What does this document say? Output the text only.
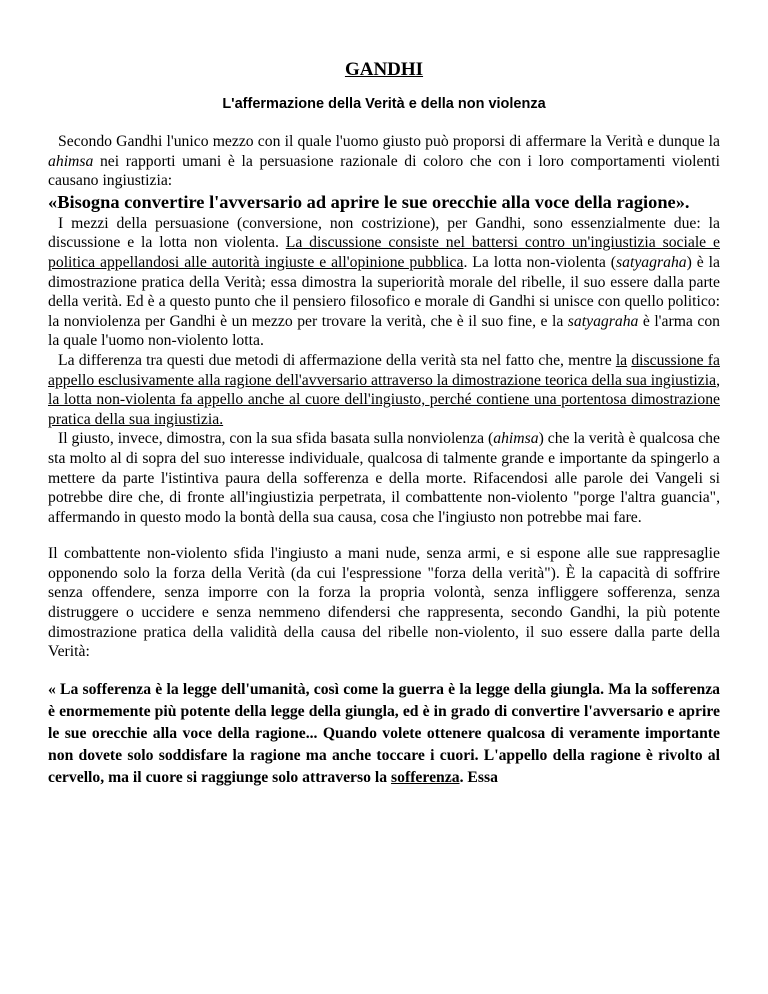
GANDHI
L'affermazione della Verità e della non violenza

Secondo Gandhi l'unico mezzo con il quale l'uomo giusto può proporsi di affermare la Verità e dunque la ahimsa nei rapporti umani è la persuasione razionale di coloro che con i loro comportamenti violenti causano ingiustizia:

«Bisogna convertire l'avversario ad aprire le sue orecchie alla voce della ragione».

I mezzi della persuasione (conversione, non costrizione), per Gandhi, sono essenzialmente due: la discussione e la lotta non violenta. La discussione consiste nel battersi contro un'ingiustizia sociale e politica appellandosi alle autorità ingiuste e all'opinione pubblica. La lotta non-violenta (satyagraha) è la dimostrazione pratica della Verità; essa dimostra la superiorità morale del ribelle, il suo essere dalla parte della verità. Ed è a questo punto che il pensiero filosofico e morale di Gandhi si unisce con quello politico: la nonviolenza per Gandhi è un mezzo per trovare la verità, che è il suo fine, e la satyagraha è l'arma con la quale l'uomo non-violento lotta.

La differenza tra questi due metodi di affermazione della verità sta nel fatto che, mentre la discussione fa appello esclusivamente alla ragione dell'avversario attraverso la dimostrazione teorica della sua ingiustizia, la lotta non-violenta fa appello anche al cuore dell'ingiusto, perché contiene una portentosa dimostrazione pratica della sua ingiustizia.

Il giusto, invece, dimostra, con la sua sfida basata sulla nonviolenza (ahimsa) che la verità è qualcosa che sta molto al di sopra del suo interesse individuale, qualcosa di talmente grande e importante da spingerlo a mettere da parte l'istintiva paura della sofferenza e della morte. Rifacendosi alle parole dei Vangeli si potrebbe dire che, di fronte all'ingiustizia perpetrata, il combattente non-violento "porge l'altra guancia", affermando in questo modo la bontà della sua causa, cosa che l'ingiusto non potrebbe mai fare.

Il combattente non-violento sfida l'ingiusto a mani nude, senza armi, e si espone alle sue rappresaglie opponendo solo la forza della Verità (da cui l'espressione "forza della verità"). È la capacità di soffrire senza offendere, senza imporre con la forza la propria volontà, senza infliggere sofferenza, senza distruggere o uccidere e senza nemmeno difendersi che rappresenta, secondo Gandhi, la più potente dimostrazione pratica della validità della causa del ribelle non-violento, il suo essere dalla parte della Verità:

« La sofferenza è la legge dell'umanità, così come la guerra è la legge della giungla. Ma la sofferenza è enormemente più potente della legge della giungla, ed è in grado di convertire l'avversario e aprire le sue orecchie alla voce della ragione... Quando volete ottenere qualcosa di veramente importante non dovete solo soddisfare la ragione ma anche toccare i cuori. L'appello della ragione è rivolto al cervello, ma il cuore si raggiunge solo attraverso la sofferenza. Essa
